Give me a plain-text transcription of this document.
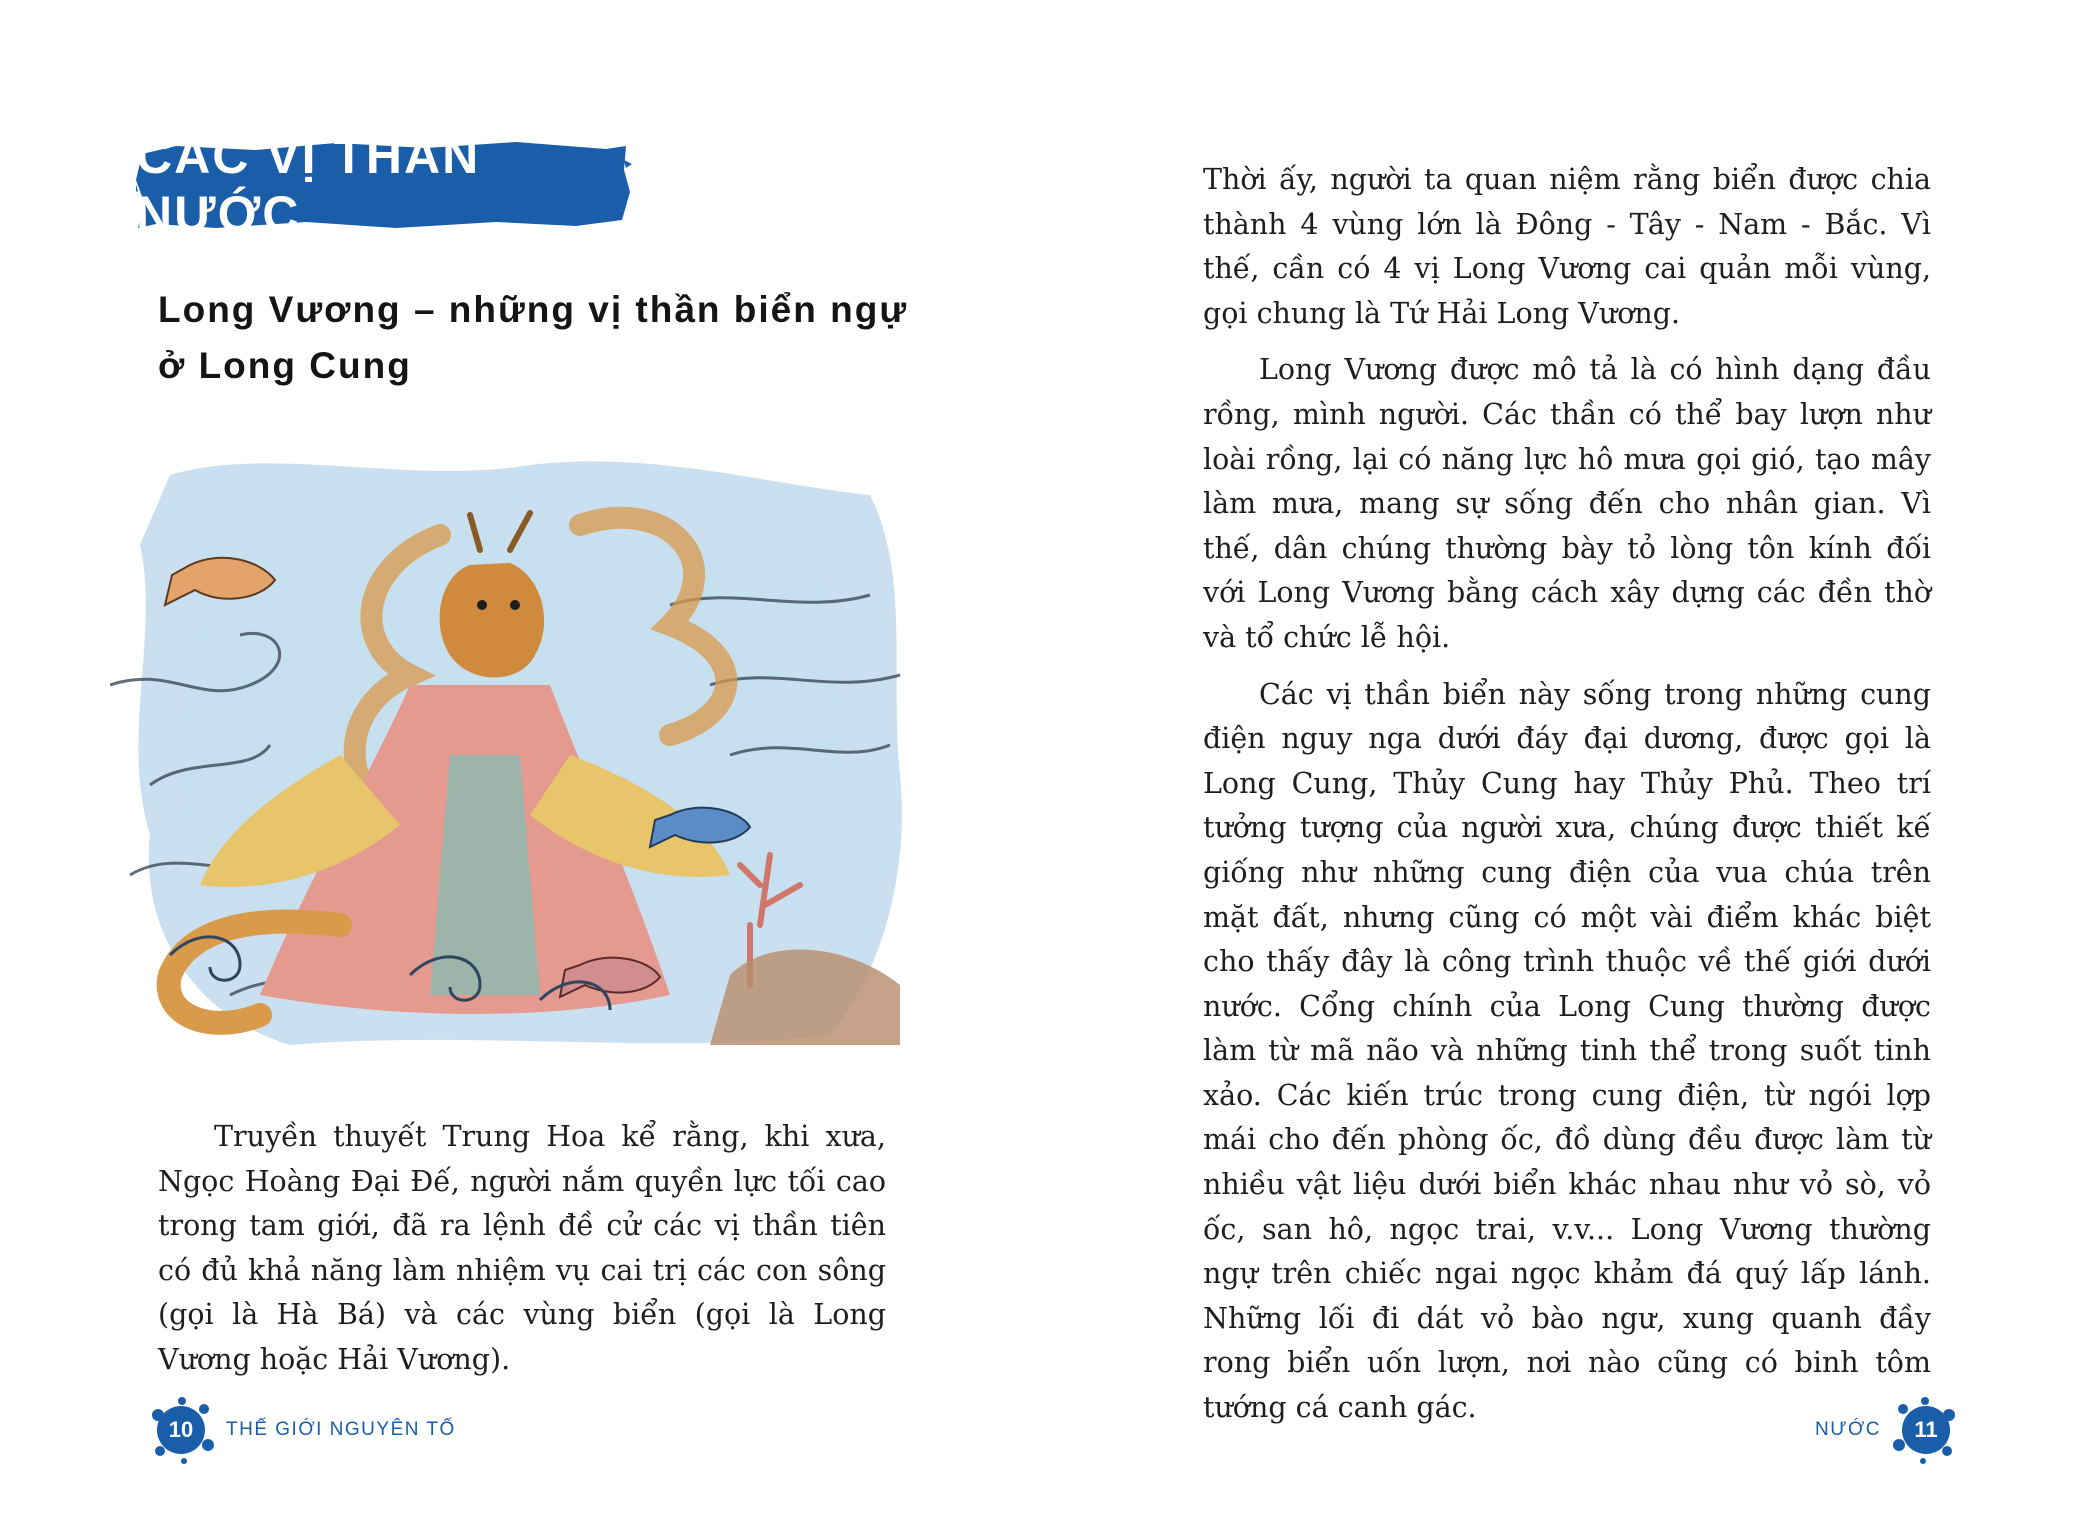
CÁC VỊ THẦN NƯỚC
Long Vương – những vị thần biển ngự
ở Long Cung

Truyền thuyết Trung Hoa kể rằng, khi xưa, Ngọc Hoàng Đại Đế, người nắm quyền lực tối cao trong tam giới, đã ra lệnh đề cử các vị thần tiên có đủ khả năng làm nhiệm vụ cai trị các con sông (gọi là Hà Bá) và các vùng biển (gọi là Long Vương hoặc Hải Vương).

10	THẾ GIỚI NGUYÊN TỐ

Thời ấy, người ta quan niệm rằng biển được chia thành 4 vùng lớn là Đông - Tây - Nam - Bắc. Vì thế, cần có 4 vị Long Vương cai quản mỗi vùng, gọi chung là Tứ Hải Long Vương.

Long Vương được mô tả là có hình dạng đầu rồng, mình người. Các thần có thể bay lượn như loài rồng, lại có năng lực hô mưa gọi gió, tạo mây làm mưa, mang sự sống đến cho nhân gian. Vì thế, dân chúng thường bày tỏ lòng tôn kính đối với Long Vương bằng cách xây dựng các đền thờ và tổ chức lễ hội.

Các vị thần biển này sống trong những cung điện nguy nga dưới đáy đại dương, được gọi là Long Cung, Thủy Cung hay Thủy Phủ. Theo trí tưởng tượng của người xưa, chúng được thiết kế giống như những cung điện của vua chúa trên mặt đất, nhưng cũng có một vài điểm khác biệt cho thấy đây là công trình thuộc về thế giới dưới nước. Cổng chính của Long Cung thường được làm từ mã não và những tinh thể trong suốt tinh xảo. Các kiến trúc trong cung điện, từ ngói lợp mái cho đến phòng ốc, đồ dùng đều được làm từ nhiều vật liệu dưới biển khác nhau như vỏ sò, vỏ ốc, san hô, ngọc trai, v.v... Long Vương thường ngự trên chiếc ngai ngọc khảm đá quý lấp lánh. Những lối đi dát vỏ bào ngư, xung quanh đầy rong biển uốn lượn, nơi nào cũng có binh tôm tướng cá canh gác.

NƯỚC	11
